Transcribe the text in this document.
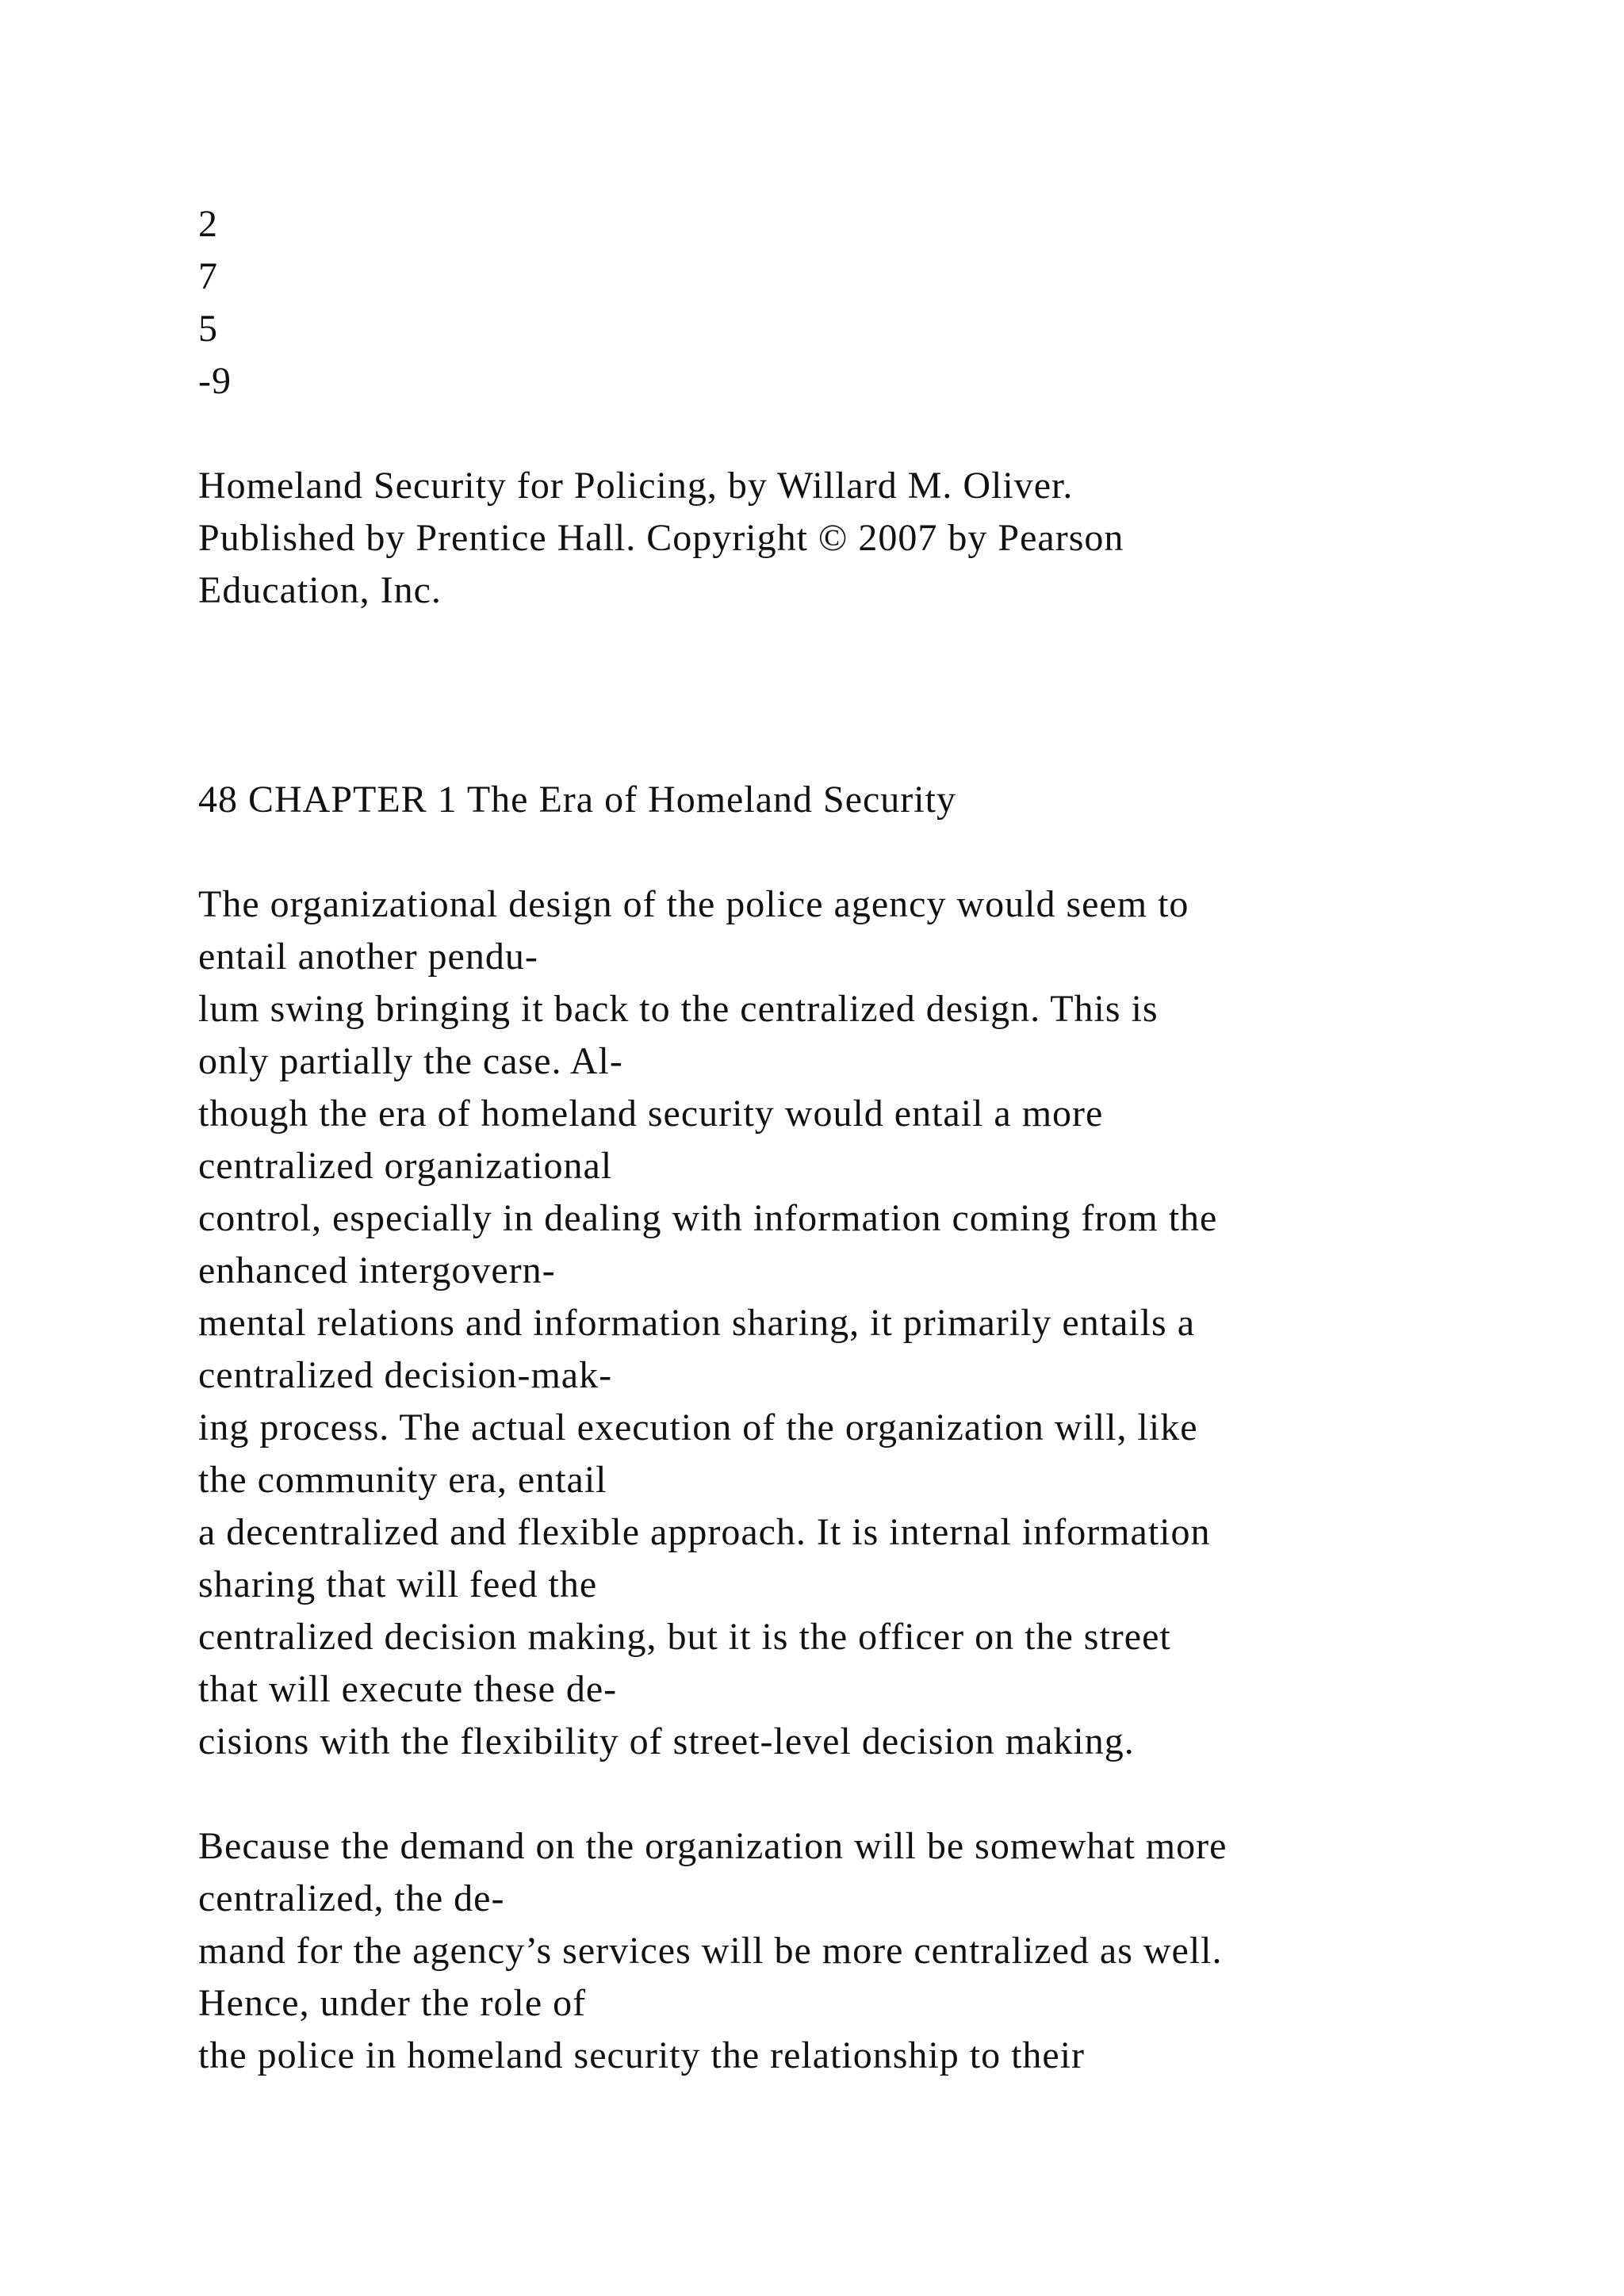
2
7
5
-9
Homeland Security for Policing, by Willard M. Oliver.
Published by Prentice Hall. Copyright © 2007 by Pearson
Education, Inc.
48 CHAPTER 1 The Era of Homeland Security
The organizational design of the police agency would seem to
entail another pendu-
lum swing bringing it back to the centralized design. This is
only partially the case. Al-
though the era of homeland security would entail a more
centralized organizational
control, especially in dealing with information coming from the
enhanced intergovern-
mental relations and information sharing, it primarily entails a
centralized decision-mak-
ing process. The actual execution of the organization will, like
the community era, entail
a decentralized and flexible approach. It is internal information
sharing that will feed the
centralized decision making, but it is the officer on the street
that will execute these de-
cisions with the flexibility of street-level decision making.
Because the demand on the organization will be somewhat more
centralized, the de-
mand for the agency’s services will be more centralized as well.
Hence, under the role of
the police in homeland security the relationship to their
